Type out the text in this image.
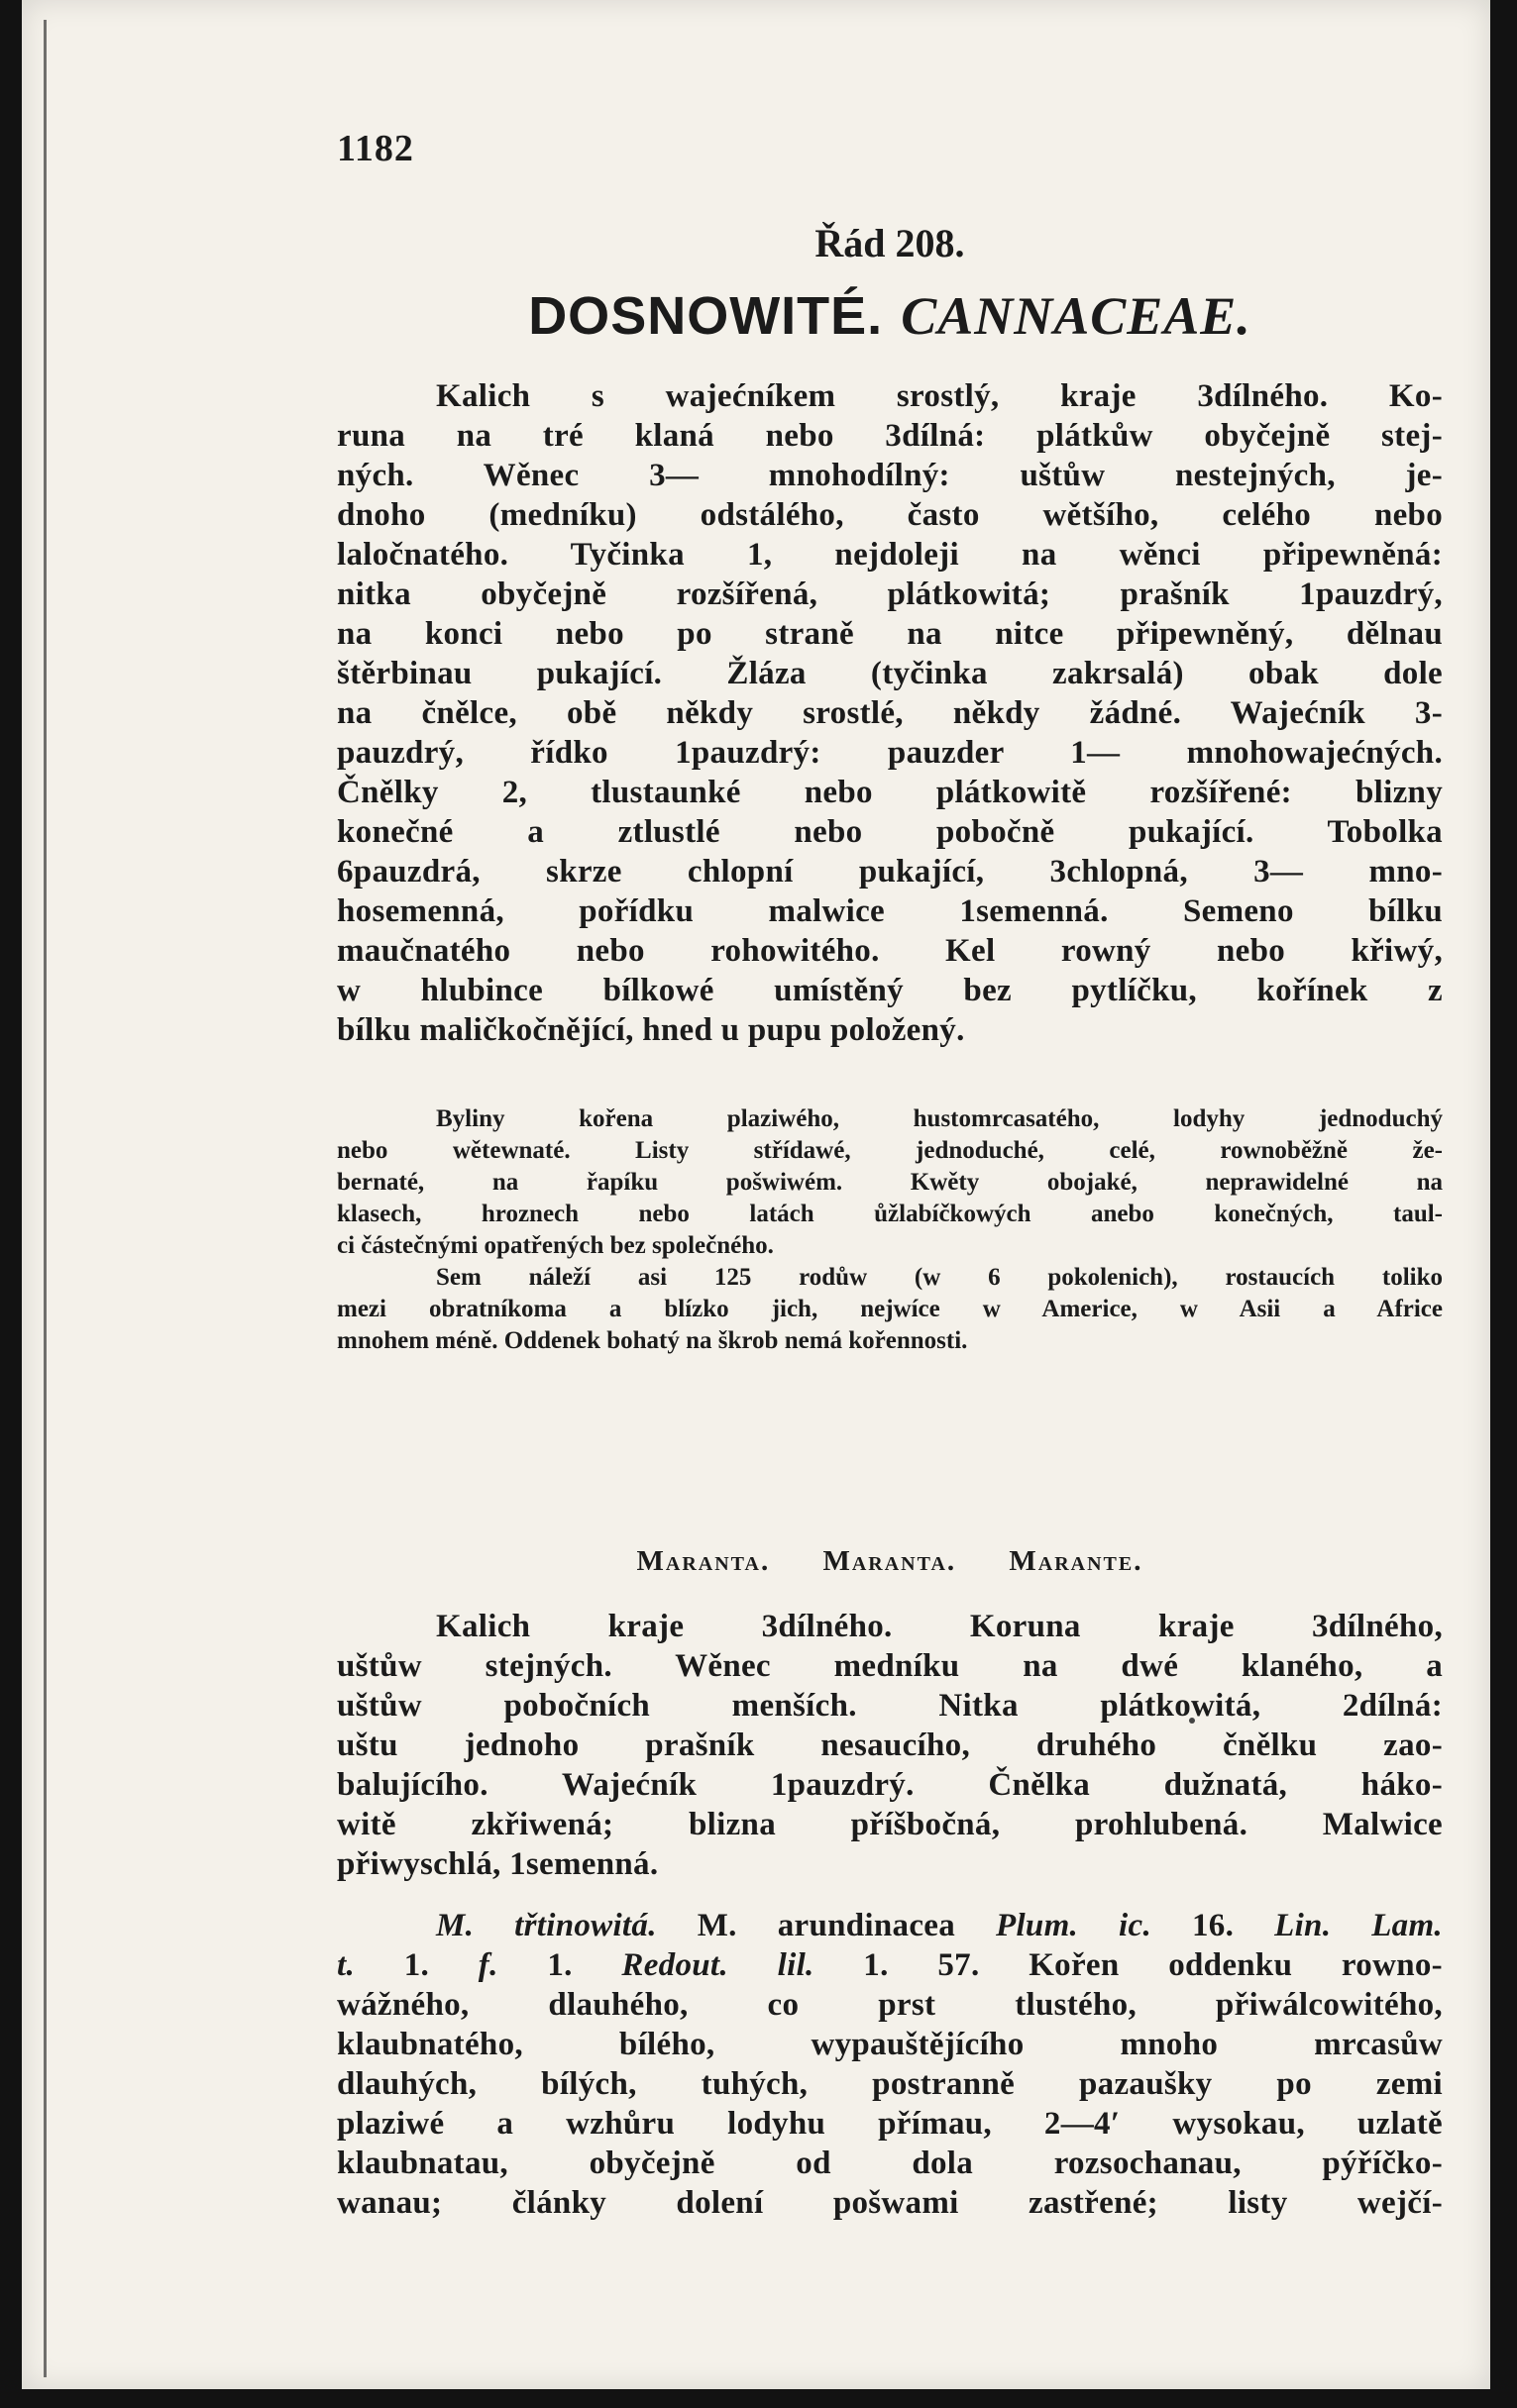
1182
Řád 208.
DOSNOWITÉ. CANNACEAE.
Kalich s wajećníkem srostlý, kraje 3dílného. Ko-
runa na tré klaná nebo 3dílná: plátkůw obyčejně stej-
ných. Wěnec 3— mnohodílný: uštůw nestejných, je-
dnoho (medníku) odstálého, často wětšího, celého nebo
laločnatého. Tyčinka 1, nejdoleji na wěnci připewněná:
nitka obyčejně rozšířená, plátkowitá; prašník 1pauzdrý,
na konci nebo po straně na nitce připewněný, dělnau
štěrbinau pukající. Žláza (tyčinka zakrsalá) obak dole
na čnělce, obě někdy srostlé, někdy žádné. Wajećník 3-
pauzdrý, řídko 1pauzdrý: pauzder 1— mnohowajećných.
Čnělky 2, tlustaunké nebo plátkowitě rozšířené: blizny
konečné a ztlustlé nebo pobočně pukající. Tobolka
6pauzdrá, skrze chlopní pukající, 3chlopná, 3— mno-
hosemenná, pořídku malwice 1semenná. Semeno bílku
maučnatého nebo rohowitého. Kel rowný nebo křiwý,
w hlubince bílkowé umístěný bez pytlíčku, kořínek z
bílku maličkočnějící, hned u pupu položený.
Byliny kořena plaziwého, hustomrcasatého, lodyhy jednoduchý
nebo wětewnaté. Listy střídawé, jednoduché, celé, rownoběžně že-
bernaté, na řapíku pošwiwém. Kwěty obojaké, neprawidelné na
klasech, hroznech nebo latách ůžlabíčkowých anebo konečných, taul-
ci částečnými opatřených bez společného.
Sem náleží asi 125 rodůw (w 6 pokolenich), rostaucích toliko
mezi obratníkoma a blízko jich, nejwíce w Americe, w Asii a Africe
mnohem méně. Oddenek bohatý na škrob nemá kořennosti.
Maranta. Maranta. Marante.
Kalich kraje 3dílného. Koruna kraje 3dílného,
uštůw stejných. Wěnec medníku na dwé klaného, a
uštůw pobočních menších. Nitka plátkowitá, 2dílná:
uštu jednoho prašník nesaucího, druhého čnělku zao-
balujícího. Wajećník 1pauzdrý. Čnělka dužnatá, háko-
witě zkřiwená; blizna příšbočná, prohlubená. Malwice
přiwyschlá, 1semenná.
M. třtinowitá. M. arundinacea Plum. ic. 16. Lin. Lam.
t. 1. f. 1. Redout. lil. 1. 57. Kořen oddenku rowno-
wážného, dlauhého, co prst tlustého, přiwálcowitého,
klaubnatého, bílého, wypauštějícího mnoho mrcasůw
dlauhých, bílých, tuhých, postranně pazaušky po zemi
plaziwé a wzhůru lodyhu přímau, 2—4′ wysokau, uzlatě
klaubnatau, obyčejně od dola rozsochanau, pýříčko-
wanau; články dolení pošwami zastřené; listy wejčí-
